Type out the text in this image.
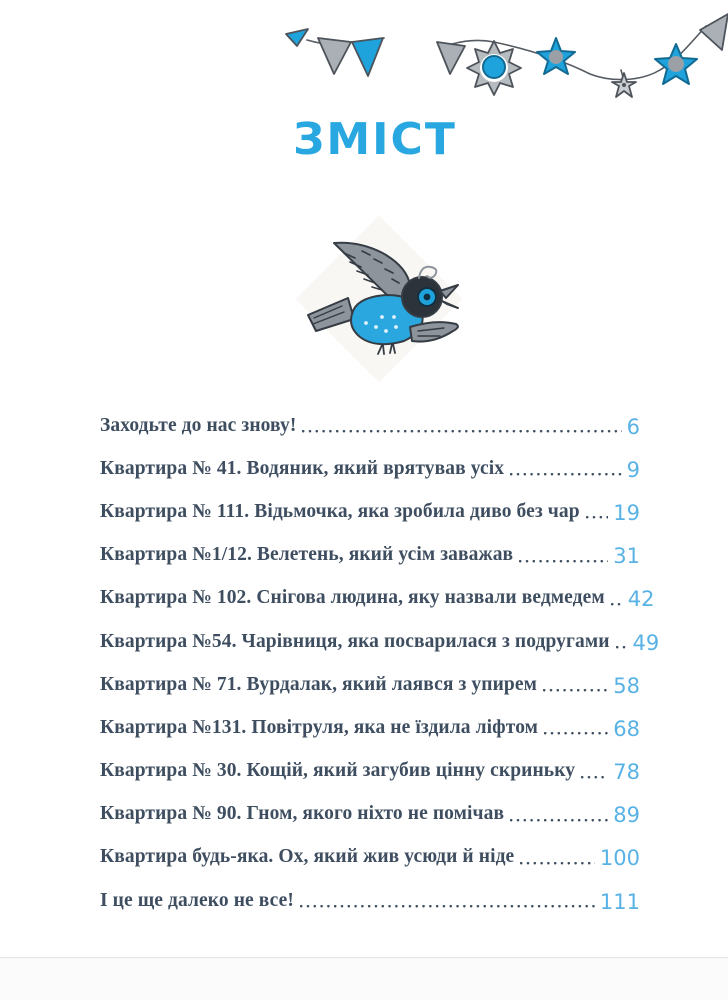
ЗМІСТ
Заходьте до нас знову!	6
Квартира № 41. Водяник, який врятував усіх	9
Квартира № 111. Відьмочка, яка зробила диво без чар 19
Квартира №1/12. Велетень, який усім заважав	31
Квартира № 102. Снігова людина, яку назвали ведмедем 42
Квартира №54. Чарівниця, яка посварилася з подругами 49
Квартира № 71. Вурдалак, який лаявся з упирем	58
Квартира №131. Повітруля, яка не їздила ліфтом	68
Квартира № 30. Кощій, який загубив цінну скриньку 78
Квартира № 90. Гном, якого ніхто не помічав	89
Квартира будь-яка. Ох, який жив усюди й ніде	100
І це ще далеко не все!	111
